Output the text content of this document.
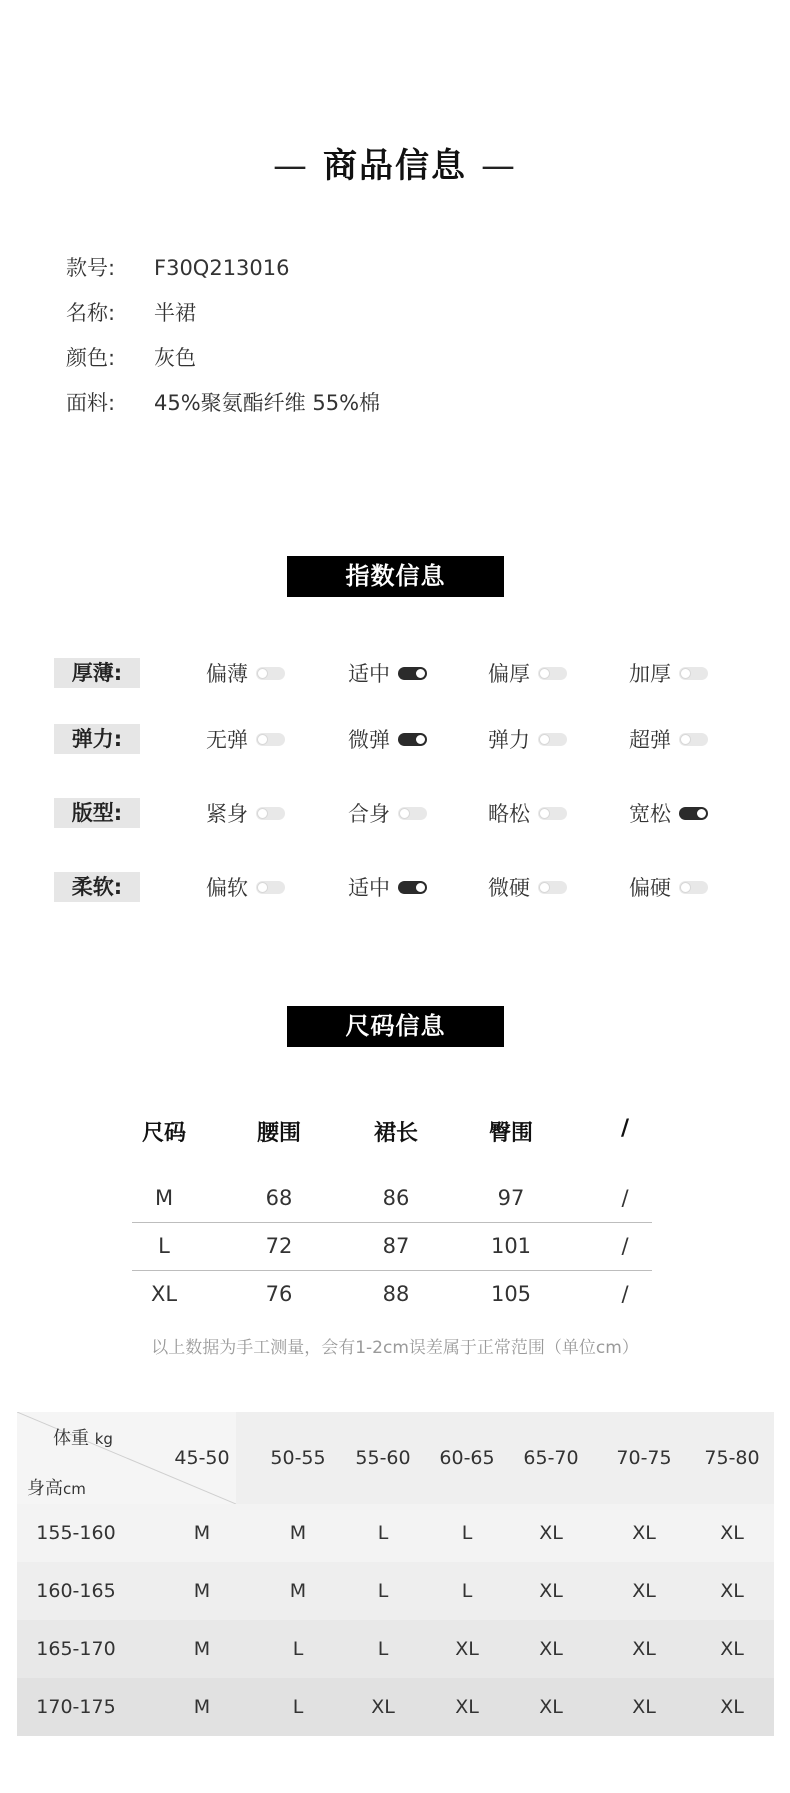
— 商品信息 —
款号: F30Q213016
名称: 半裙
颜色: 灰色
面料: 45%聚氨酯纤维 55%棉
指数信息
厚薄:	偏薄	适中	偏厚	加厚
弹力:	无弹	微弹	弹力	超弹
版型:	紧身	合身	略松	宽松
柔软:	偏软	适中	微硬	偏硬
尺码信息
尺码	腰围	裙长	臀围	/
M	68	86	97	/
L	72	87	101	/
XL	76	88	105	/
以上数据为手工测量，会有1-2cm误差属于正常范围（单位cm）
体重 kg
身高cm
45-50	50-55	55-60	60-65	65-70	70-75	75-80
155-160	M	M	L	L	XL	XL	XL
160-165	M	M	L	L	XL	XL	XL
165-170	M	L	L	XL	XL	XL	XL
170-175	M	L	XL	XL	XL	XL	XL
